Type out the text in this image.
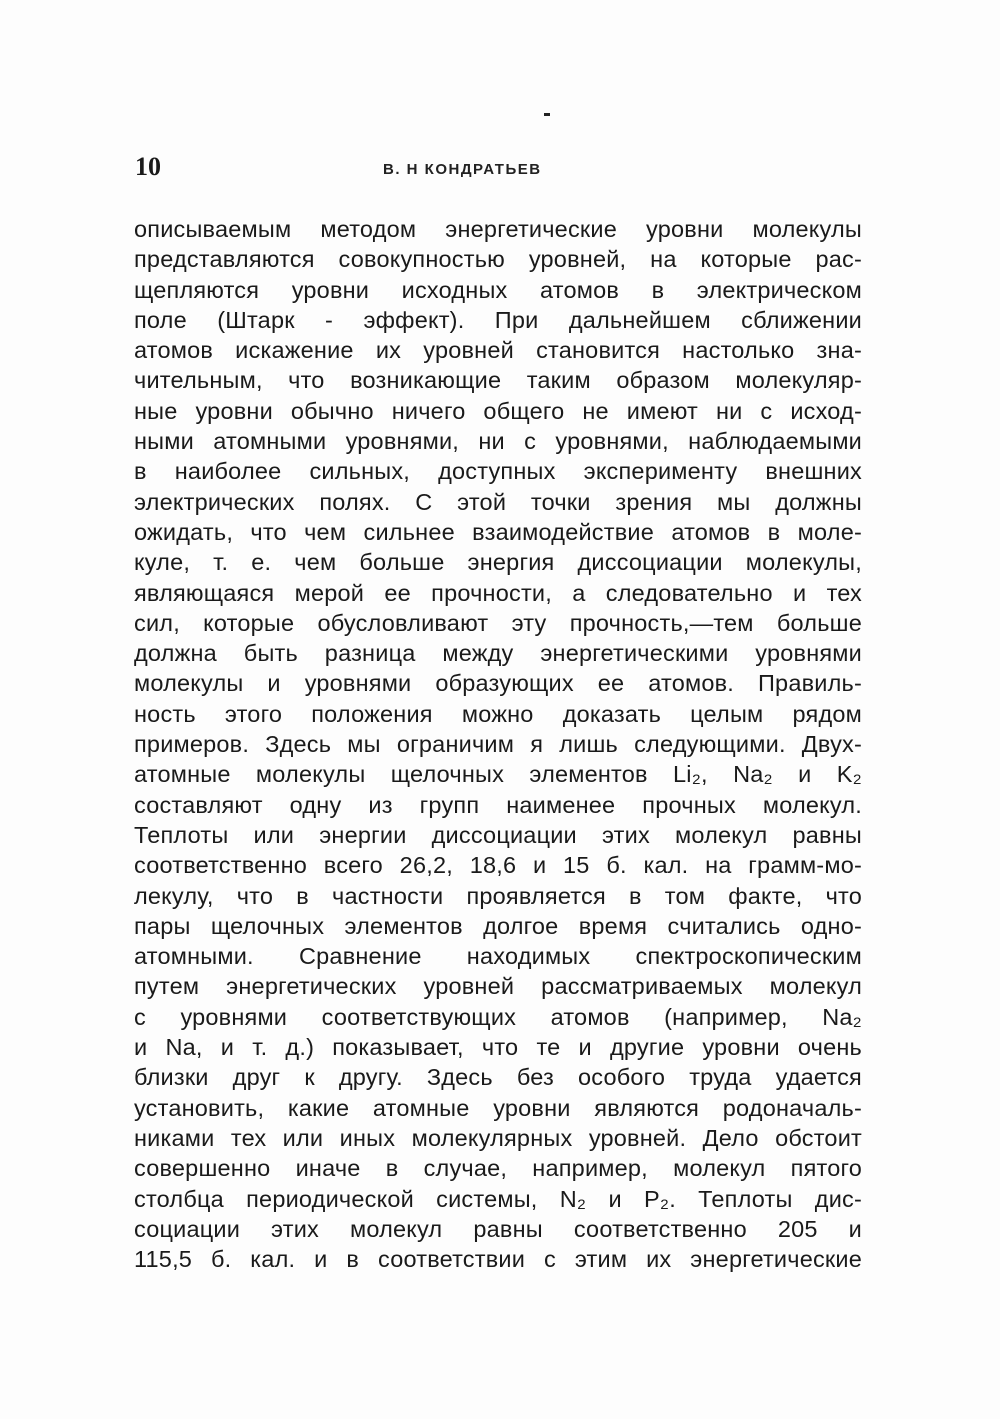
10	В. Н КОНДРАТЬЕВ
описываемым методом энергетические уровни молекулы
представляются совокупностью уровней, на которые рас-
щепляются уровни исходных атомов в электрическом
поле (Штарк - эффект). При дальнейшем сближении
атомов искажение их уровней становится настолько зна-
чительным, что возникающие таким образом молекуляр-
ные уровни обычно ничего общего не имеют ни с исход-
ными атомными уровнями, ни с уровнями, наблюдаемыми
в наиболее сильных, доступных эксперименту внешних
электрических полях. С этой точки зрения мы должны
ожидать, что чем сильнее взаимодействие атомов в моле-
куле, т. е. чем больше энергия диссоциации молекулы,
являющаяся мерой ее прочности, а следовательно и тех
сил, которые обусловливают эту прочность,—тем больше
должна быть разница между энергетическими уровнями
молекулы и уровнями образующих ее атомов. Правиль-
ность этого положения можно доказать целым рядом
примеров. Здесь мы ограничим я лишь следующими. Двух-
атомные молекулы щелочных элементов Li₂, Na₂ и K₂
составляют одну из групп наименее прочных молекул.
Теплоты или энергии диссоциации этих молекул равны
соответственно всего 26,2, 18,6 и 15 б. кал. на грамм-мо-
лекулу, что в частности проявляется в том факте, что
пары щелочных элементов долгое время считались одно-
атомными. Сравнение находимых спектроскопическим
путем энергетических уровней рассматриваемых молекул
с уровнями соответствующих атомов (например, Na₂
и Na, и т. д.) показывает, что те и другие уровни очень
близки друг к другу. Здесь без особого труда удается
установить, какие атомные уровни являются родоначаль-
никами тех или иных молекулярных уровней. Дело обстоит
совершенно иначе в случае, например, молекул пятого
столбца периодической системы, N₂ и P₂. Теплоты дис-
социации этих молекул равны соответственно 205 и
115,5 б. кал. и в соответствии с этим их энергетические
